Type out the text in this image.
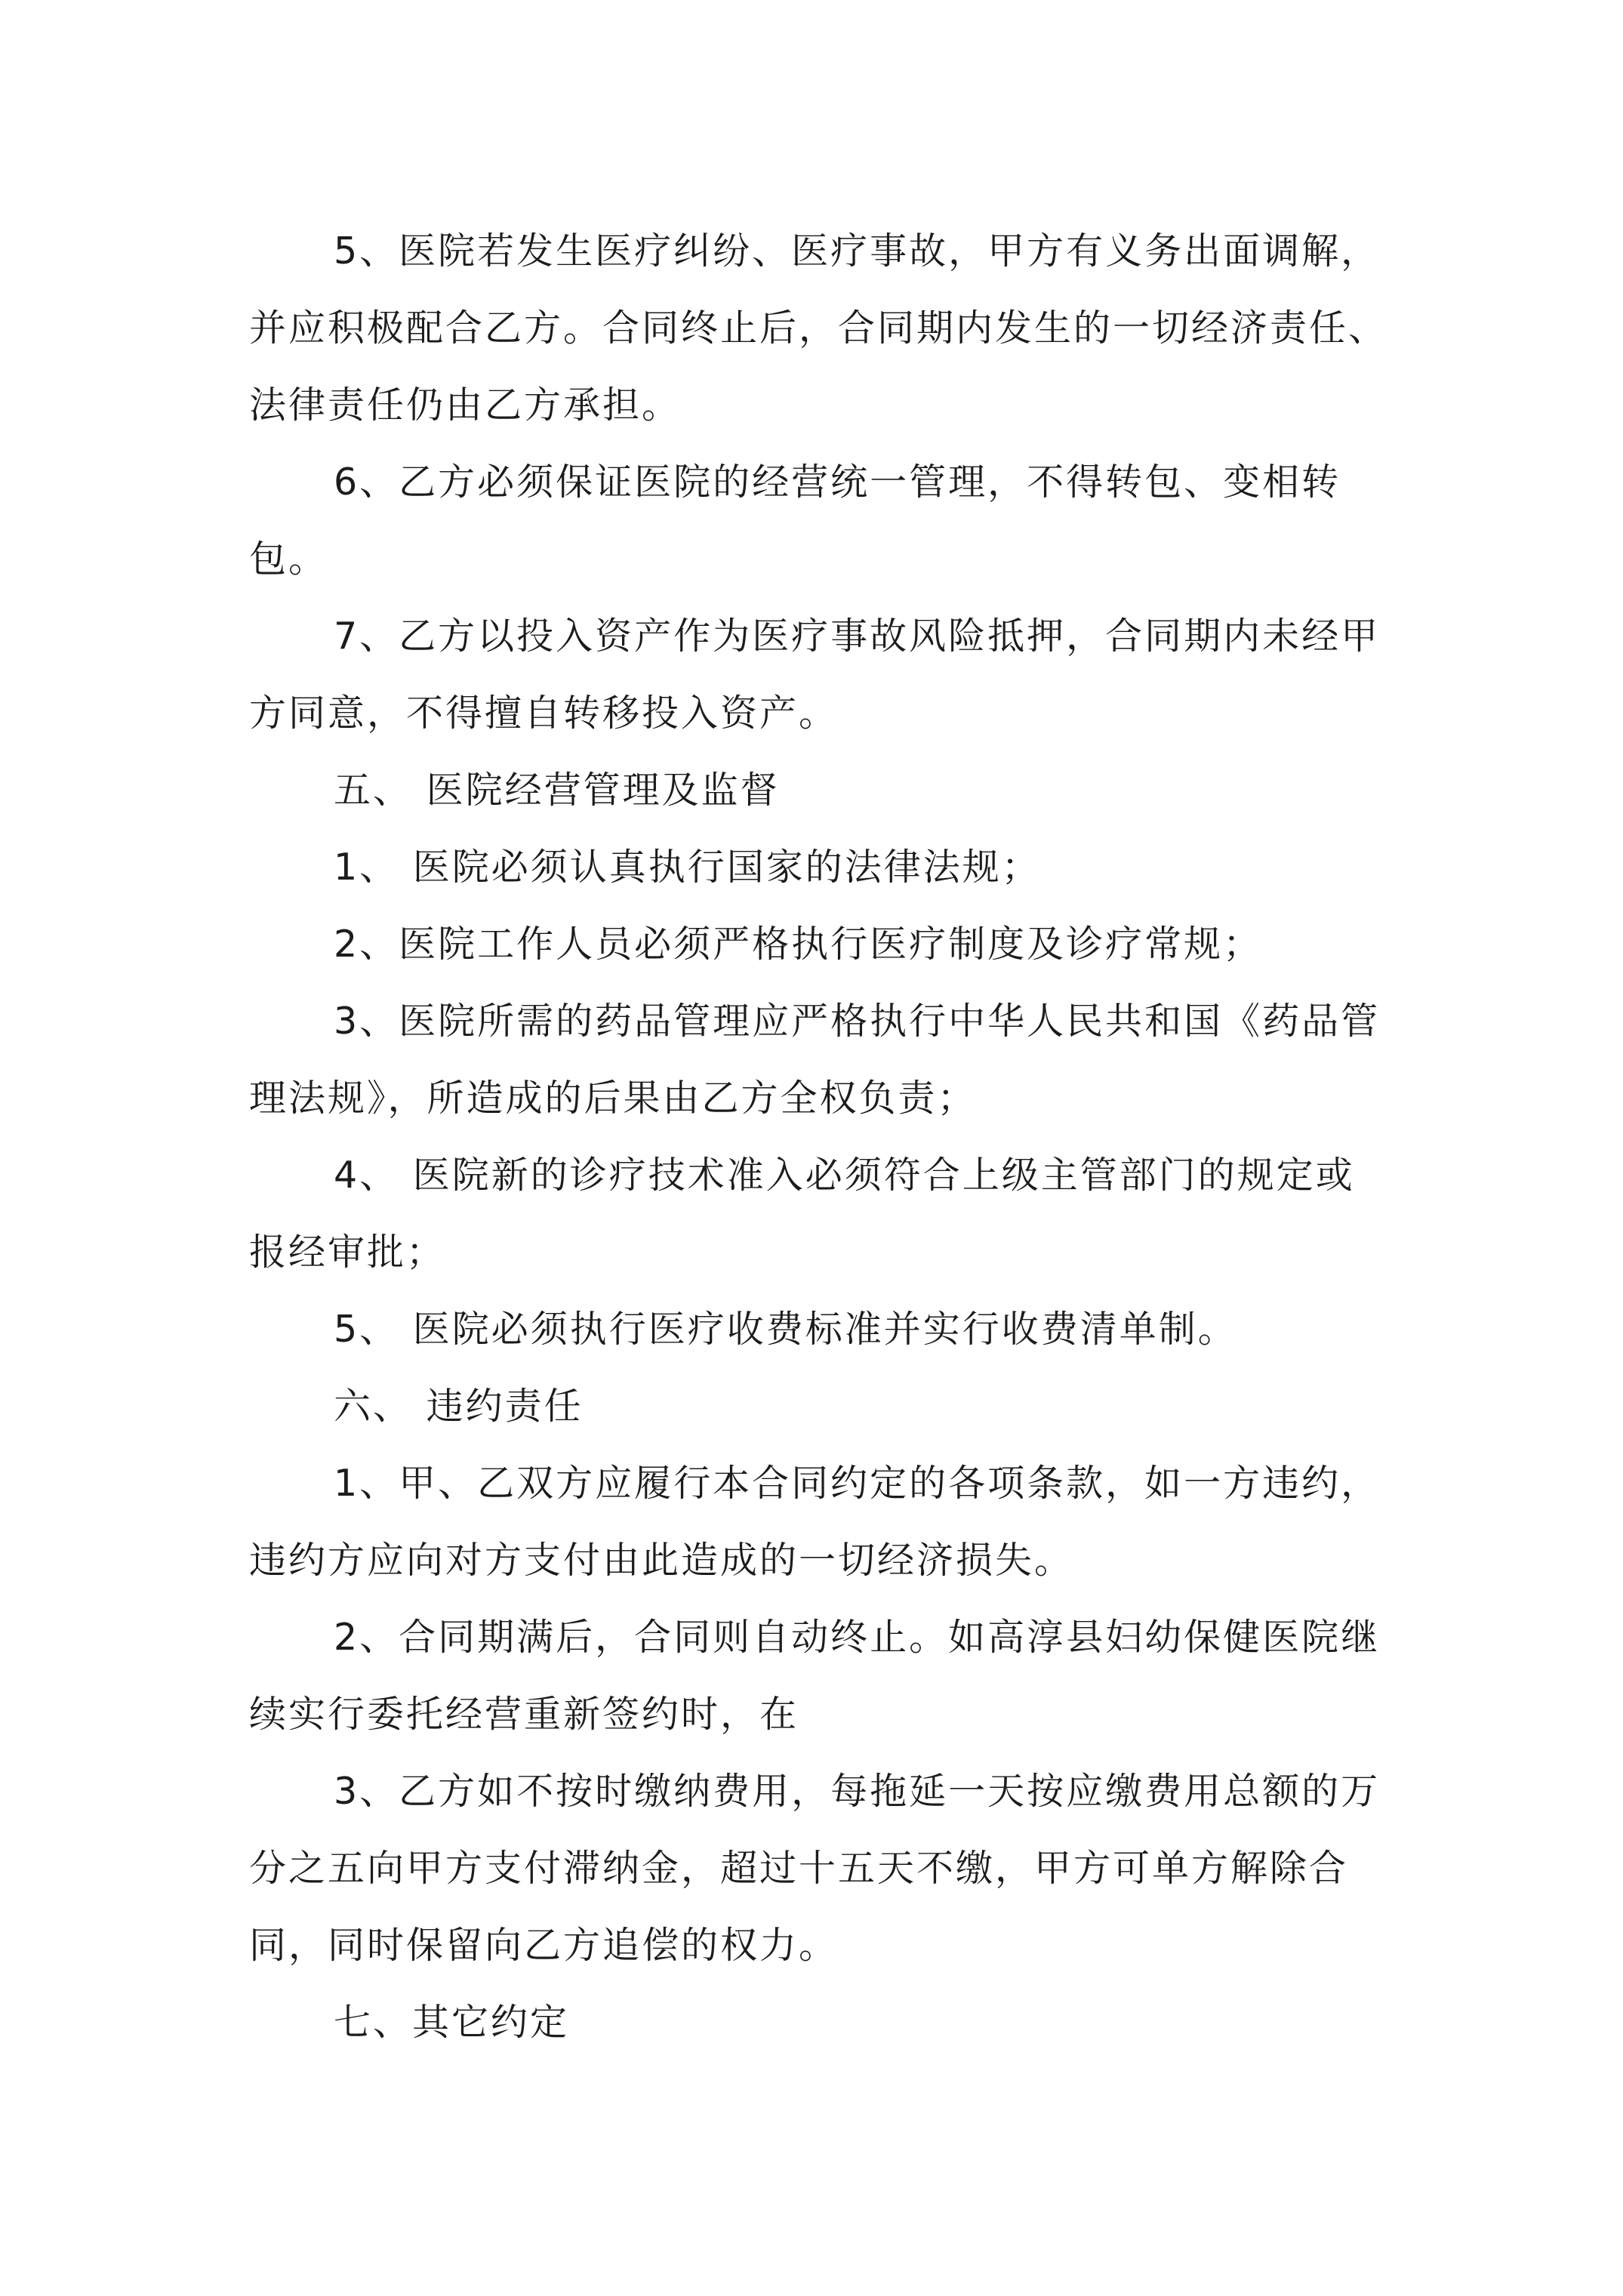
5、医院若发生医疗纠纷、医疗事故，甲方有义务出面调解，并应积极配合乙方。合同终止后，合同期内发生的一切经济责任、法律责任仍由乙方承担。

6、乙方必须保证医院的经营统一管理，不得转包、变相转包。

7、乙方以投入资产作为医疗事故风险抵押，合同期内未经甲方同意，不得擅自转移投入资产。

五、 医院经营管理及监督

1、 医院必须认真执行国家的法律法规；

2、医院工作人员必须严格执行医疗制度及诊疗常规；

3、医院所需的药品管理应严格执行中华人民共和国《药品管理法规》，所造成的后果由乙方全权负责；

4、 医院新的诊疗技术准入必须符合上级主管部门的规定或报经审批；

5、 医院必须执行医疗收费标准并实行收费清单制。

六、 违约责任

1、甲、乙双方应履行本合同约定的各项条款，如一方违约，违约方应向对方支付由此造成的一切经济损失。

2、合同期满后，合同则自动终止。如高淳县妇幼保健医院继续实行委托经营重新签约时，在

3、乙方如不按时缴纳费用，每拖延一天按应缴费用总额的万分之五向甲方支付滞纳金，超过十五天不缴，甲方可单方解除合同，同时保留向乙方追偿的权力。

七、其它约定
